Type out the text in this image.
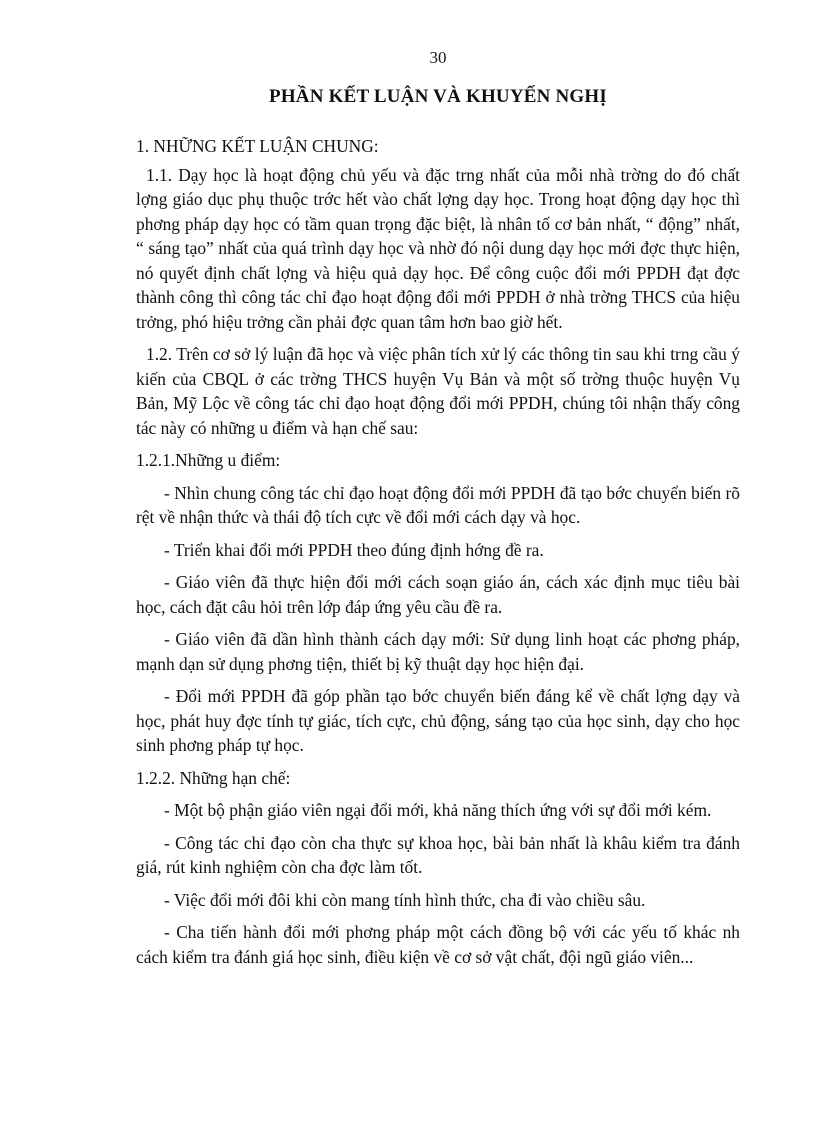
30
PHẦN KẾT LUẬN VÀ KHUYẾN NGHỊ
1. NHỮNG KẾT LUẬN CHUNG:

1.1. Dạy học là hoạt động chủ yếu và đặc trng nhất của mỗi nhà trờng do đó chất lợng giáo dục phụ thuộc trớc hết vào chất lợng dạy học. Trong hoạt động dạy học thì phơng pháp dạy học có tầm quan trọng đặc biệt, là nhân tố cơ bản nhất, “ động” nhất, “ sáng tạo” nhất của quá trình dạy học và nhờ đó nội dung dạy học mới đợc thực hiện, nó quyết định chất lợng và hiệu quả dạy học. Để công cuộc đổi mới PPDH đạt đợc thành công thì công tác chỉ đạo hoạt động đổi mới PPDH ở nhà trờng THCS của hiệu trởng, phó hiệu trởng cần phải đợc quan tâm hơn bao giờ hết.

1.2. Trên cơ sở lý luận đã học và việc phân tích xử lý các thông tin sau khi trng cầu ý kiến của CBQL ở các trờng THCS huyện Vụ Bản và một số trờng thuộc huyện Vụ Bản, Mỹ Lộc về công tác chỉ đạo hoạt động đổi mới PPDH, chúng tôi nhận thấy công tác này có những u điểm và hạn chế sau:

1.2.1.Những u điểm:

- Nhìn chung công tác chỉ đạo hoạt động đổi mới PPDH đã tạo bớc chuyển biến rõ rệt về nhận thức và thái độ tích cực về đổi mới cách dạy và học.

- Triển khai đổi mới PPDH theo đúng định hớng đề ra.

- Giáo viên đã thực hiện đổi mới cách soạn giáo án, cách xác định mục tiêu bài học, cách đặt câu hỏi trên lớp đáp ứng yêu cầu đề ra.

- Giáo viên đã dần hình thành cách dạy mới: Sử dụng linh hoạt các phơng pháp, mạnh dạn sử dụng phơng tiện, thiết bị kỹ thuật dạy học hiện đại.

- Đổi mới PPDH đã góp phần tạo bớc chuyển biến đáng kể về chất lợng dạy và học, phát huy đợc tính tự giác, tích cực, chủ động, sáng tạo của học sinh, dạy cho học sinh phơng pháp tự học.

1.2.2. Những hạn chế:

- Một bộ phận giáo viên ngại đổi mới, khả năng thích ứng với sự đổi mới kém.

- Công tác chỉ đạo còn cha thực sự khoa học, bài bản nhất là khâu kiểm tra đánh giá, rút kinh nghiệm còn cha đợc làm tốt.

- Việc đổi mới đôi khi còn mang tính hình thức, cha đi vào chiều sâu.

- Cha tiến hành đổi mới phơng pháp một cách đồng bộ với các yếu tố khác nh cách kiểm tra đánh giá học sinh, điều kiện về cơ sở vật chất, đội ngũ giáo viên...
